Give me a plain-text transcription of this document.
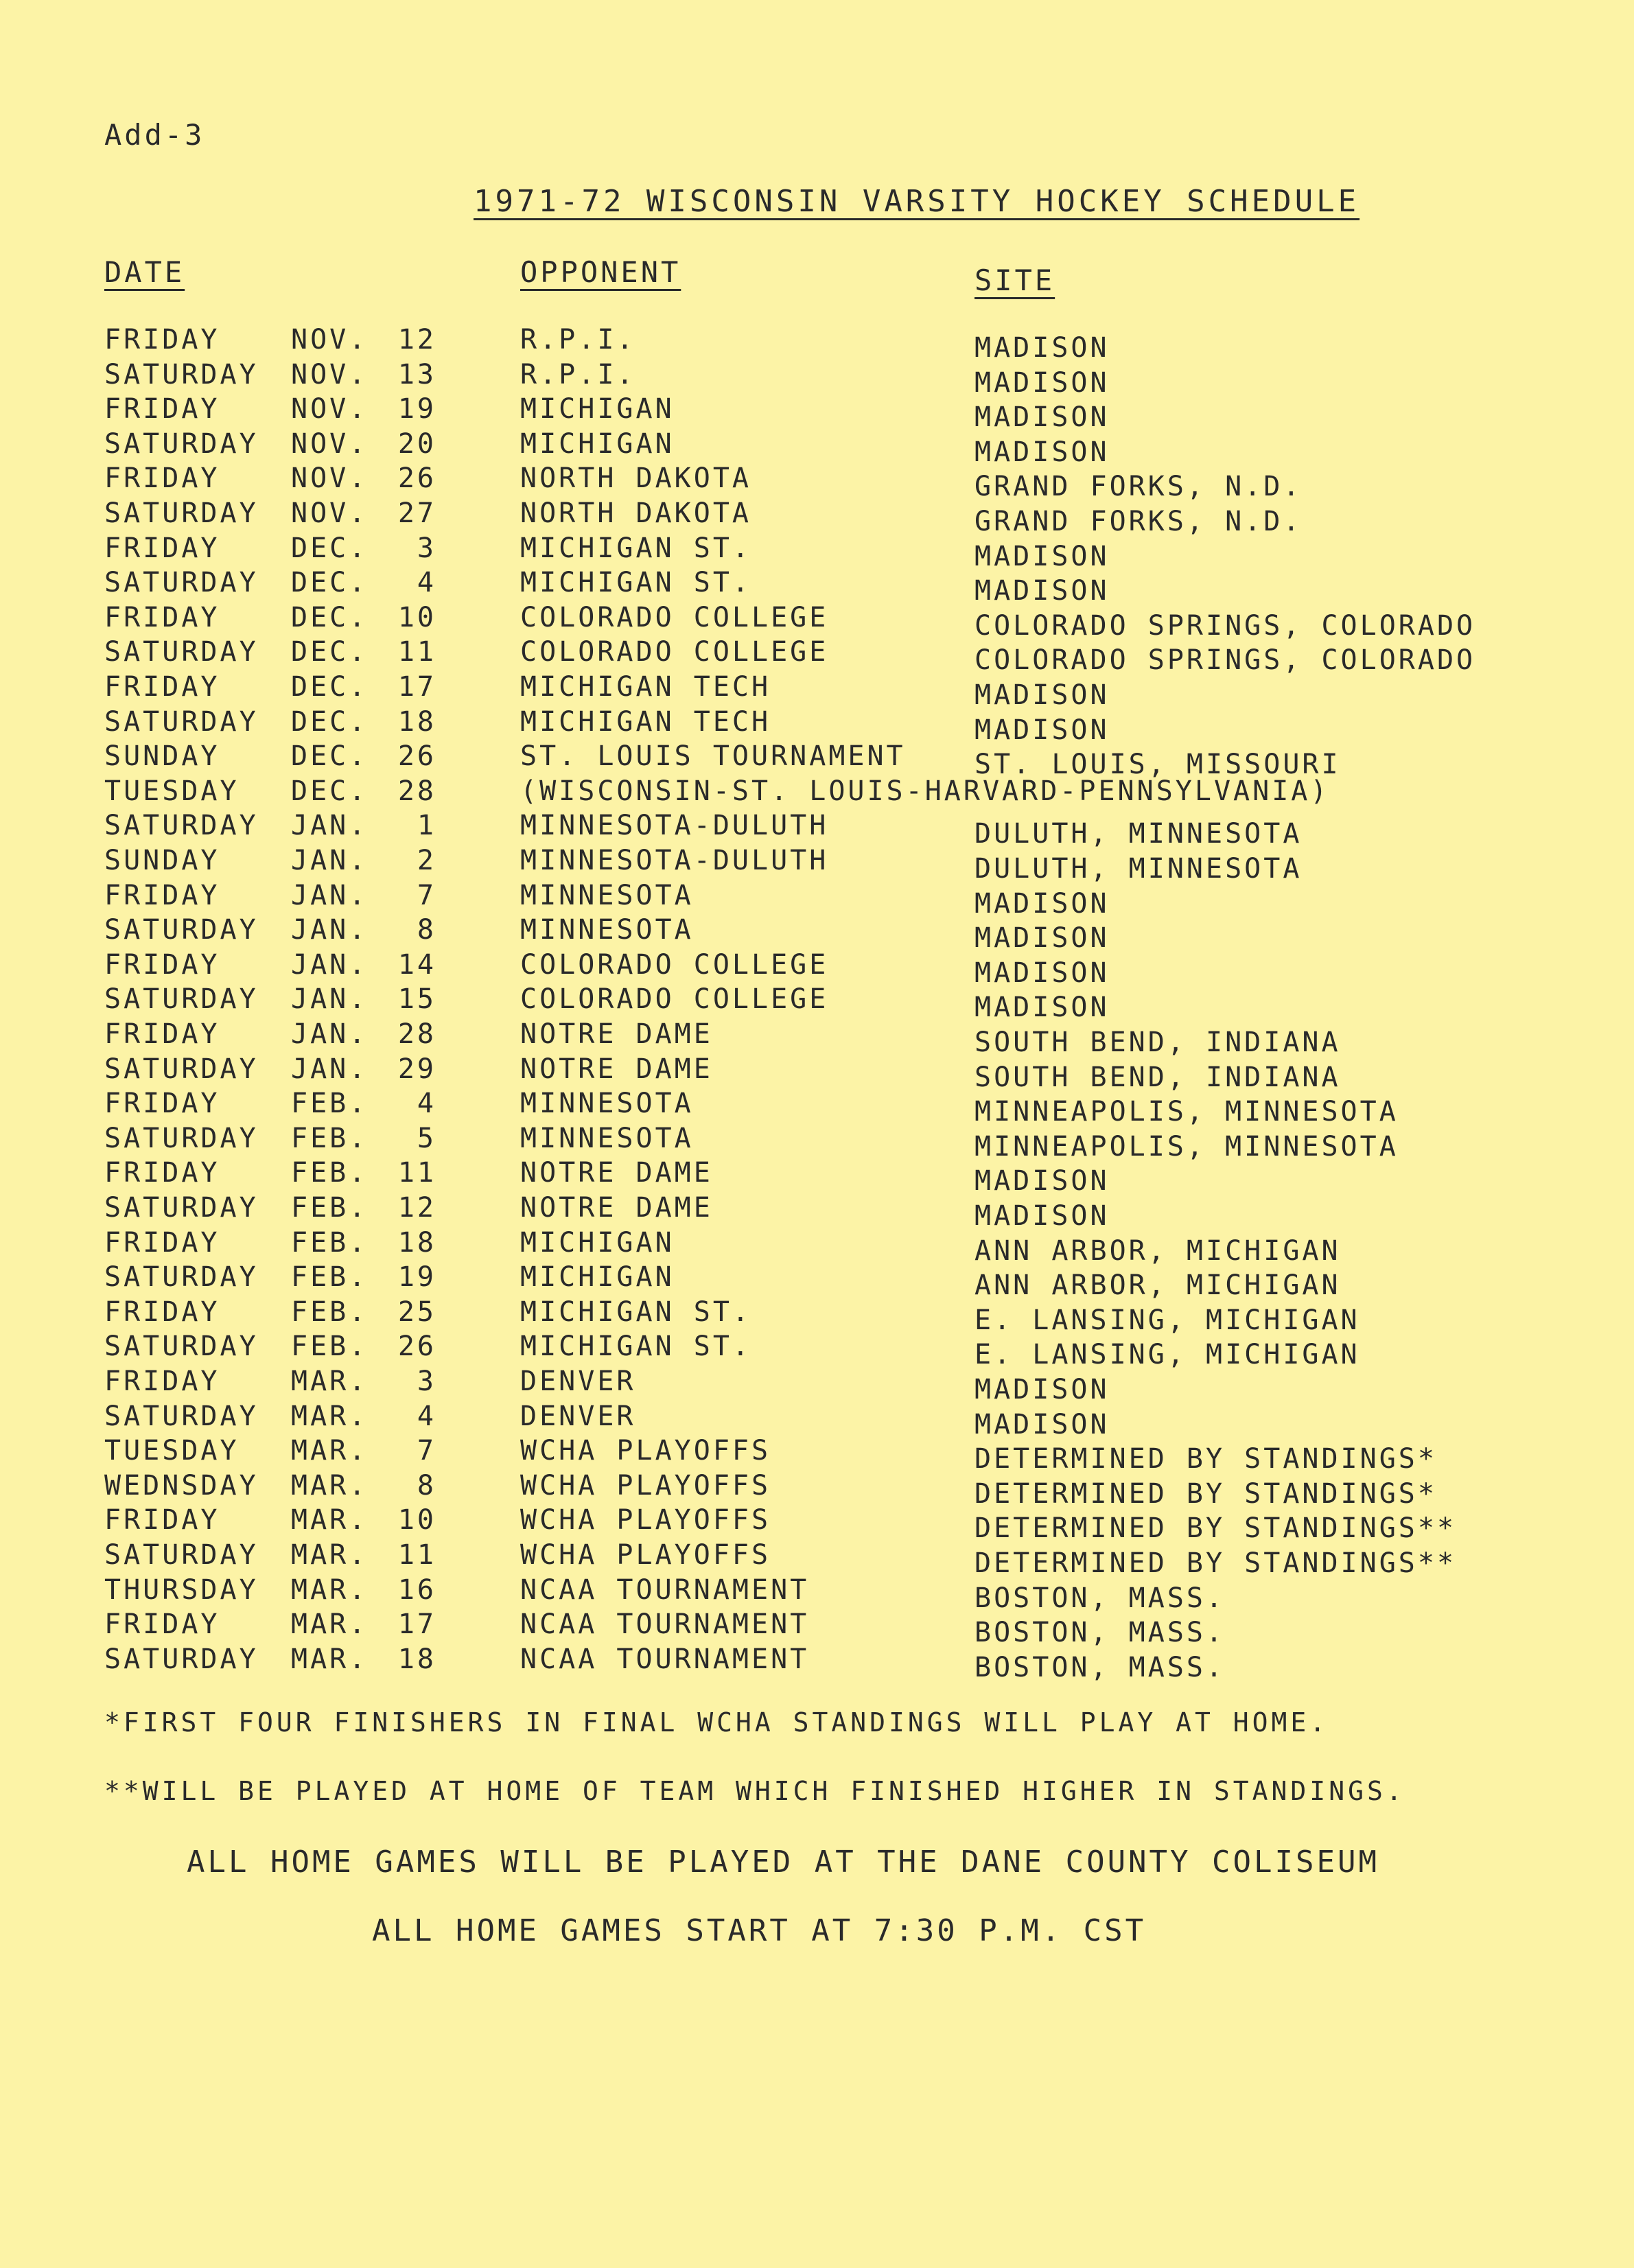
Add-3
1971-72 WISCONSIN VARSITY HOCKEY SCHEDULE
DATE	OPPONENT	SITE
FRIDAY	NOV.	12	R.P.I.	MADISON
SATURDAY NOV.	13	R.P.I.	MADISON
FRIDAY	NOV.	19	MICHIGAN	MADISON
SATURDAY NOV.	20	MICHIGAN	MADISON
FRIDAY	NOV.	26	NORTH DAKOTA	GRAND FORKS, N.D.
SATURDAY NOV.	27	NORTH DAKOTA	GRAND FORKS, N.D.
FRIDAY	DEC.	3	MICHIGAN ST.	MADISON
SATURDAY DEC.	4	MICHIGAN ST.	MADISON
FRIDAY	DEC.	10	COLORADO COLLEGE	COLORADO SPRINGS, COLORADO
SATURDAY DEC.	11	COLORADO COLLEGE	COLORADO SPRINGS, COLORADO
FRIDAY	DEC.	17	MICHIGAN TECH	MADISON
SATURDAY DEC.	18	MICHIGAN TECH	MADISON
SUNDAY	DEC.	26	ST. LOUIS TOURNAMENT	ST. LOUIS, MISSOURI
TUESDAY DEC.	28	(WISCONSIN-ST. LOUIS-HARVARD-PENNSYLVANIA)
SATURDAY JAN.	1	MINNESOTA-DULUTH	DULUTH, MINNESOTA
SUNDAY	JAN.	2	MINNESOTA-DULUTH	DULUTH, MINNESOTA
FRIDAY	JAN.	7	MINNESOTA	MADISON
SATURDAY JAN.	8	MINNESOTA	MADISON
FRIDAY	JAN.	14	COLORADO COLLEGE	MADISON
SATURDAY JAN.	15	COLORADO COLLEGE	MADISON
FRIDAY	JAN.	28	NOTRE DAME	SOUTH BEND, INDIANA
SATURDAY JAN.	29	NOTRE DAME	SOUTH BEND, INDIANA
FRIDAY	FEB.	4	MINNESOTA	MINNEAPOLIS, MINNESOTA
SATURDAY FEB.	5	MINNESOTA	MINNEAPOLIS, MINNESOTA
FRIDAY	FEB.	11	NOTRE DAME	MADISON
SATURDAY FEB.	12	NOTRE DAME	MADISON
FRIDAY	FEB.	18	MICHIGAN	ANN ARBOR, MICHIGAN
SATURDAY FEB.	19	MICHIGAN	ANN ARBOR, MICHIGAN
FRIDAY	FEB.	25	MICHIGAN ST.	E. LANSING, MICHIGAN
SATURDAY FEB.	26	MICHIGAN ST.	E. LANSING, MICHIGAN
FRIDAY	MAR.	3	DENVER	MADISON
SATURDAY MAR.	4	DENVER	MADISON
TUESDAY MAR.	7	WCHA PLAYOFFS	DETERMINED BY STANDINGS*
WEDNSDAY MAR.	8	WCHA PLAYOFFS	DETERMINED BY STANDINGS*
FRIDAY	MAR.	10	WCHA PLAYOFFS	DETERMINED BY STANDINGS**
SATURDAY MAR.	11	WCHA PLAYOFFS	DETERMINED BY STANDINGS**
THURSDAY MAR.	16	NCAA TOURNAMENT	BOSTON, MASS.
FRIDAY	MAR.	17	NCAA TOURNAMENT	BOSTON, MASS.
SATURDAY MAR.	18	NCAA TOURNAMENT	BOSTON, MASS.
*FIRST FOUR FINISHERS IN FINAL WCHA STANDINGS WILL PLAY AT HOME.
**WILL BE PLAYED AT HOME OF TEAM WHICH FINISHED HIGHER IN STANDINGS.
ALL HOME GAMES WILL BE PLAYED AT THE DANE COUNTY COLISEUM
ALL HOME GAMES START AT 7:30 P.M. CST
